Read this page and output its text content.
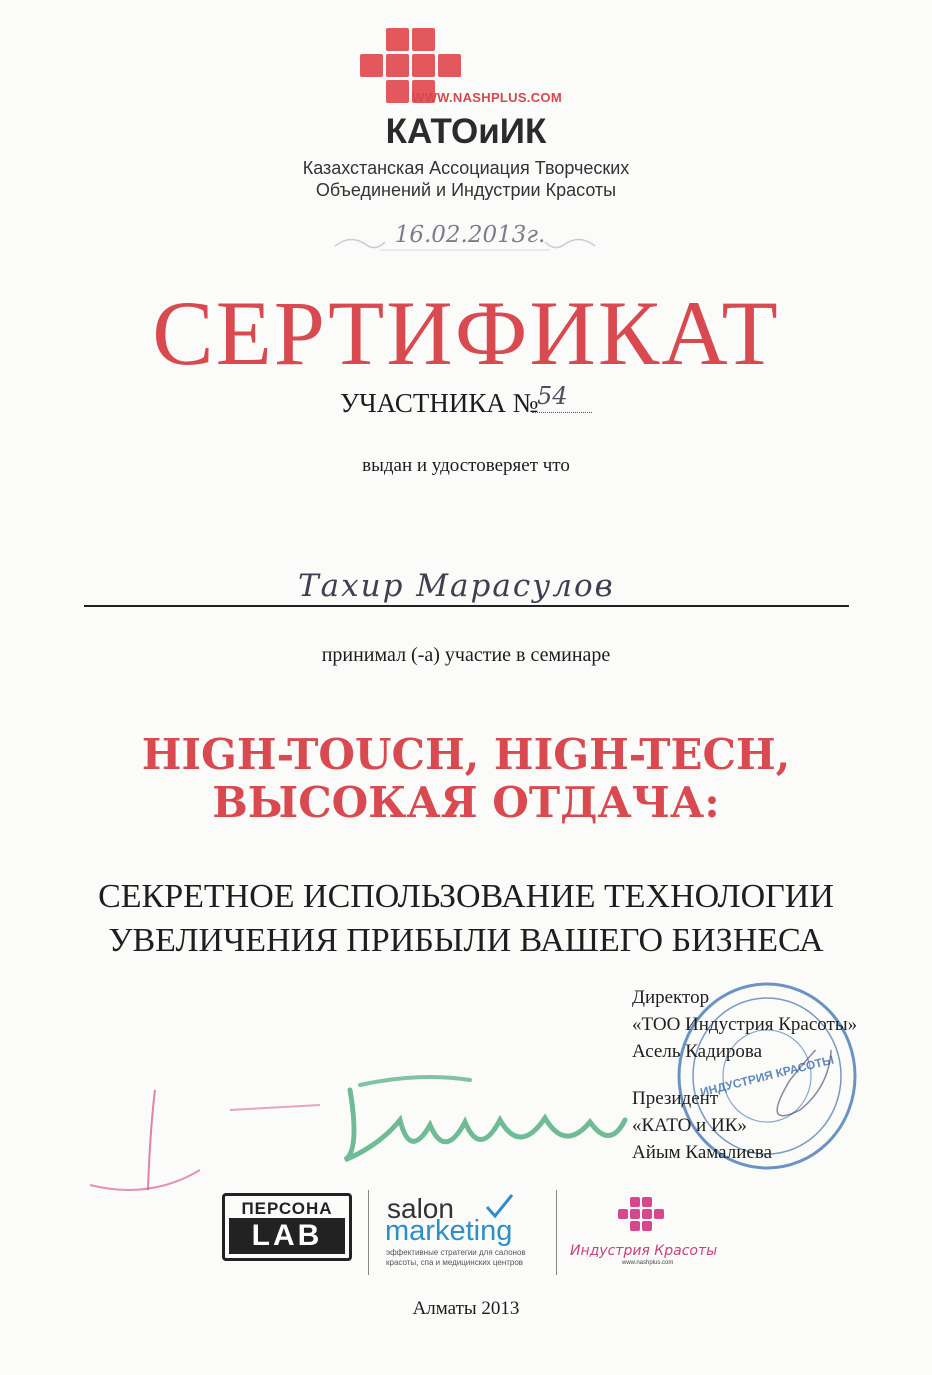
WWW.NASHPLUS.COM
КАТОиИК
Казахстанская Ассоциация Творческих
Объединений и Индустрии Красоты
16.02.2013г.
СЕРТИФИКАТ
УЧАСТНИКА №
54
выдан и удостоверяет что
Тахир Марасулов
принимал (-а) участие в семинаре
HIGH-TOUCH, HIGH-TECH,
ВЫСОКАЯ ОТДАЧА:
СЕКРЕТНОЕ ИСПОЛЬЗОВАНИЕ ТЕХНОЛОГИИ
УВЕЛИЧЕНИЯ ПРИБЫЛИ ВАШЕГО БИЗНЕСА
ИНДУСТРИЯ КРАСОТЫ
Директор
«ТОО Индустрия Красоты»
Асель Кадирова
Президент
«КАТО и ИК»
Айым Камалиева
ПЕРСОНА
LAB
salon
marketing
эффективные стратегии для салонов
красоты, спа и медицинских центров
Индустрия Красоты
www.nashplus.com
Алматы 2013
